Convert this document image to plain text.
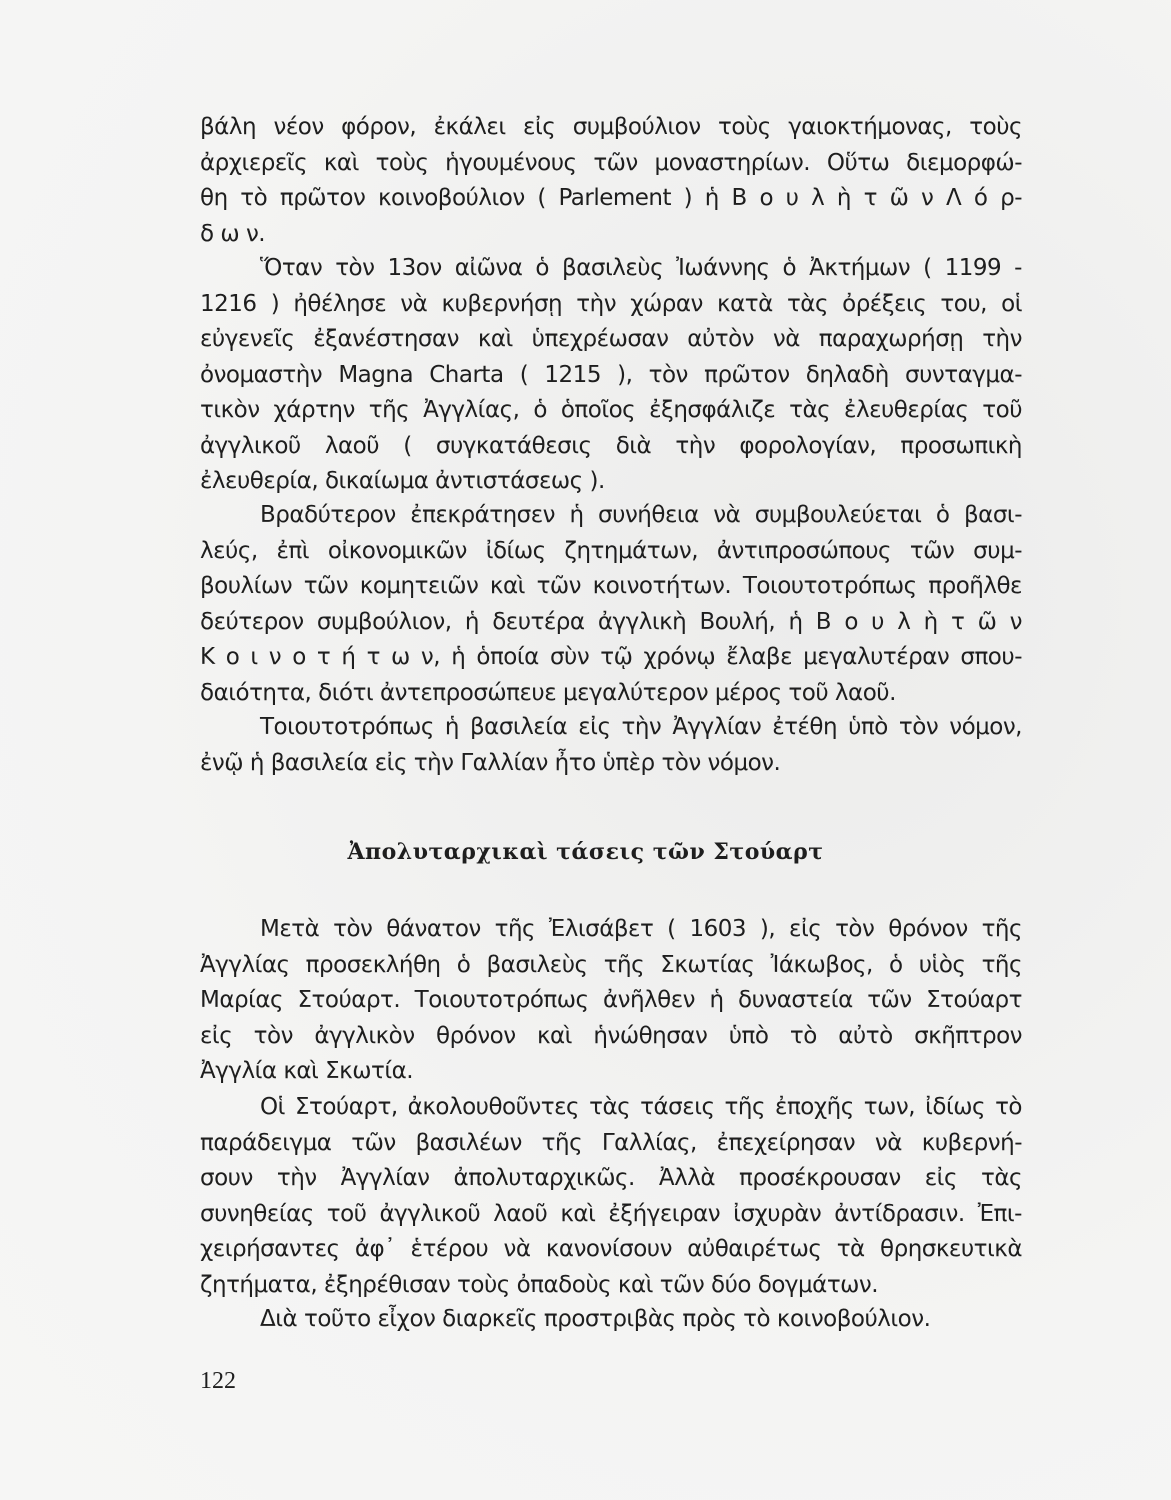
βάλη νέον φόρον, ἐκάλει εἰς συμβούλιον τοὺς γαιοκτήμονας, τοὺς
ἀρχιερεῖς καὶ τοὺς ἡγουμένους τῶν μοναστηρίων. Οὕτω διεμορφώ-
θη τὸ πρῶτον κοινοβούλιον ( Parlement ) ἡ Β ο υ λ ὴ τ ῶ ν Λ ό ρ-
δ ω ν.
Ὅταν τὸν 13ον αἰῶνα ὁ βασιλεὺς Ἰωάννης ὁ Ἀκτήμων ( 1199 -
1216 ) ἠθέλησε νὰ κυβερνήσῃ τὴν χώραν κατὰ τὰς ὀρέξεις του, οἱ
εὐγενεῖς ἐξανέστησαν καὶ ὑπεχρέωσαν αὐτὸν νὰ παραχωρήσῃ τὴν
ὀνομαστὴν Magna Charta ( 1215 ), τὸν πρῶτον δηλαδὴ συνταγμα-
τικὸν χάρτην τῆς Ἀγγλίας, ὁ ὁποῖος ἐξησφάλιζε τὰς ἐλευθερίας τοῦ
ἀγγλικοῦ λαοῦ ( συγκατάθεσις διὰ τὴν φορολογίαν, προσωπικὴ
ἐλευθερία, δικαίωμα ἀντιστάσεως ).
Βραδύτερον ἐπεκράτησεν ἡ συνήθεια νὰ συμβουλεύεται ὁ βασι-
λεύς, ἐπὶ οἰκονομικῶν ἰδίως ζητημάτων, ἀντιπροσώπους τῶν συμ-
βουλίων τῶν κομητειῶν καὶ τῶν κοινοτήτων. Τοιουτοτρόπως προῆλθε
δεύτερον συμβούλιον, ἡ δευτέρα ἀγγλικὴ Βουλή, ἡ Β ο υ λ ὴ τ ῶ ν
Κ ο ι ν ο τ ή τ ω ν, ἡ ὁποία σὺν τῷ χρόνῳ ἔλαβε μεγαλυτέραν σπου-
δαιότητα, διότι ἀντεπροσώπευε μεγαλύτερον μέρος τοῦ λαοῦ.
Τοιουτοτρόπως ἡ βασιλεία εἰς τὴν Ἀγγλίαν ἐτέθη ὑπὸ τὸν νόμον,
ἐνῷ ἡ βασιλεία εἰς τὴν Γαλλίαν ἦτο ὑπὲρ τὸν νόμον.
Μετὰ τὸν θάνατον τῆς Ἐλισάβετ ( 1603 ), εἰς τὸν θρόνον τῆς
Ἀγγλίας προσεκλήθη ὁ βασιλεὺς τῆς Σκωτίας Ἰάκωβος, ὁ υἱὸς τῆς
Μαρίας Στούαρτ. Τοιουτοτρόπως ἀνῆλθεν ἡ δυναστεία τῶν Στούαρτ
εἰς τὸν ἀγγλικὸν θρόνον καὶ ἡνώθησαν ὑπὸ τὸ αὐτὸ σκῆπτρον
Ἀγγλία καὶ Σκωτία.
Οἱ Στούαρτ, ἀκολουθοῦντες τὰς τάσεις τῆς ἐποχῆς των, ἰδίως τὸ
παράδειγμα τῶν βασιλέων τῆς Γαλλίας, ἐπεχείρησαν νὰ κυβερνή-
σουν τὴν Ἀγγλίαν ἀπολυταρχικῶς. Ἀλλὰ προσέκρουσαν εἰς τὰς
συνηθείας τοῦ ἀγγλικοῦ λαοῦ καὶ ἐξήγειραν ἰσχυρὰν ἀντίδρασιν. Ἐπι-
χειρήσαντες ἀφ᾽ ἑτέρου νὰ κανονίσουν αὐθαιρέτως τὰ θρησκευτικὰ
ζητήματα, ἐξηρέθισαν τοὺς ὀπαδοὺς καὶ τῶν δύο δογμάτων.
Διὰ τοῦτο εἶχον διαρκεῖς προστριβὰς πρὸς τὸ κοινοβούλιον.
Ἀπολυταρχικαὶ τάσεις τῶν Στούαρτ
122
